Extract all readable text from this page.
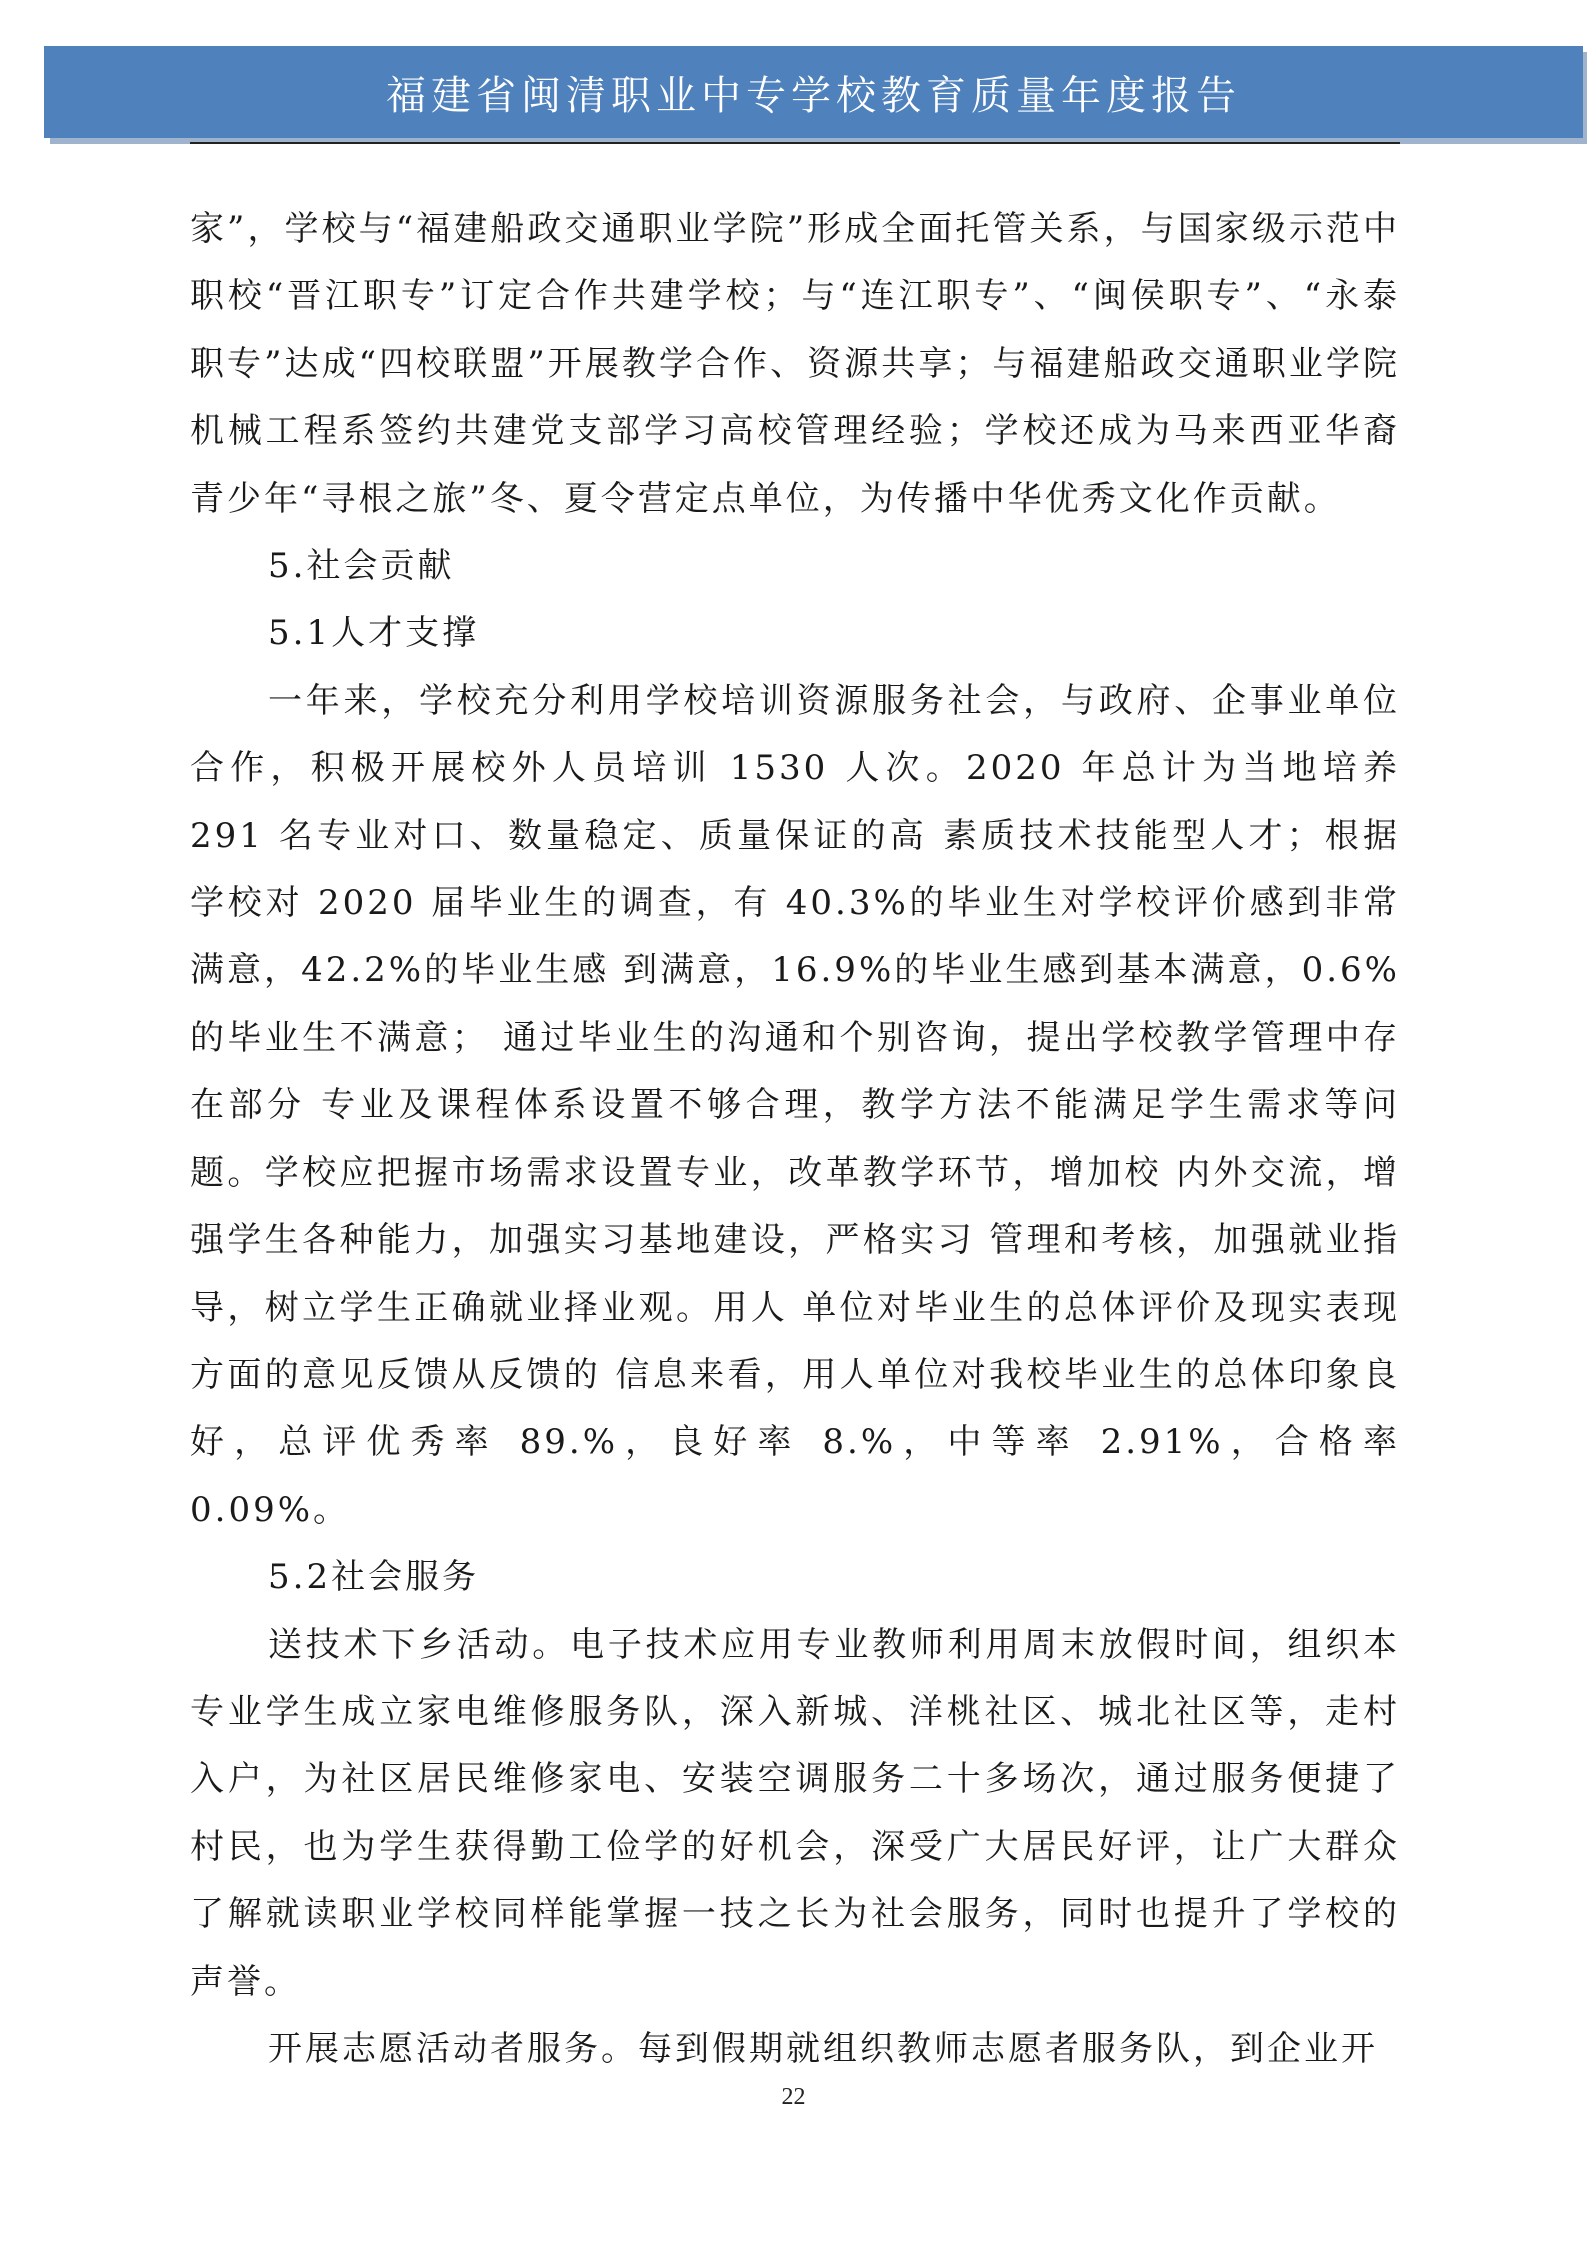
福建省闽清职业中专学校教育质量年度报告

家”，学校与“福建船政交通职业学院”形成全面托管关系，与国家级示范中职校“晋江职专”订定合作共建学校；与“连江职专”、“闽侯职专”、“永泰职专”达成“四校联盟”开展教学合作、资源共享；与福建船政交通职业学院机械工程系签约共建党支部学习高校管理经验；学校还成为马来西亚华裔青少年“寻根之旅”冬、夏令营定点单位，为传播中华优秀文化作贡献。

5.社会贡献

5.1人才支撑

一年来，学校充分利用学校培训资源服务社会，与政府、企事业单位合作，积极开展校外人员培训 1530 人次。2020 年总计为当地培养 291 名专业对口、数量稳定、质量保证的高 素质技术技能型人才；根据学校对 2020 届毕业生的调查，有 40.3%的毕业生对学校评价感到非常满意，42.2%的毕业生感 到满意，16.9%的毕业生感到基本满意，0.6%的毕业生不满意； 通过毕业生的沟通和个别咨询，提出学校教学管理中存在部分 专业及课程体系设置不够合理，教学方法不能满足学生需求等问题。学校应把握市场需求设置专业，改革教学环节，增加校 内外交流，增强学生各种能力，加强实习基地建设，严格实习 管理和考核，加强就业指导，树立学生正确就业择业观。用人 单位对毕业生的总体评价及现实表现方面的意见反馈从反馈的 信息来看，用人单位对我校毕业生的总体印象良好，总评优秀率 89.%，良好率 8.%，中等率 2.91%，合格率 0.09%。

5.2社会服务

送技术下乡活动。电子技术应用专业教师利用周末放假时间，组织本专业学生成立家电维修服务队，深入新城、洋桃社区、城北社区等，走村入户，为社区居民维修家电、安装空调服务二十多场次，通过服务便捷了村民，也为学生获得勤工俭学的好机会，深受广大居民好评，让广大群众了解就读职业学校同样能掌握一技之长为社会服务，同时也提升了学校的声誉。

开展志愿活动者服务。每到假期就组织教师志愿者服务队，到企业开

22
